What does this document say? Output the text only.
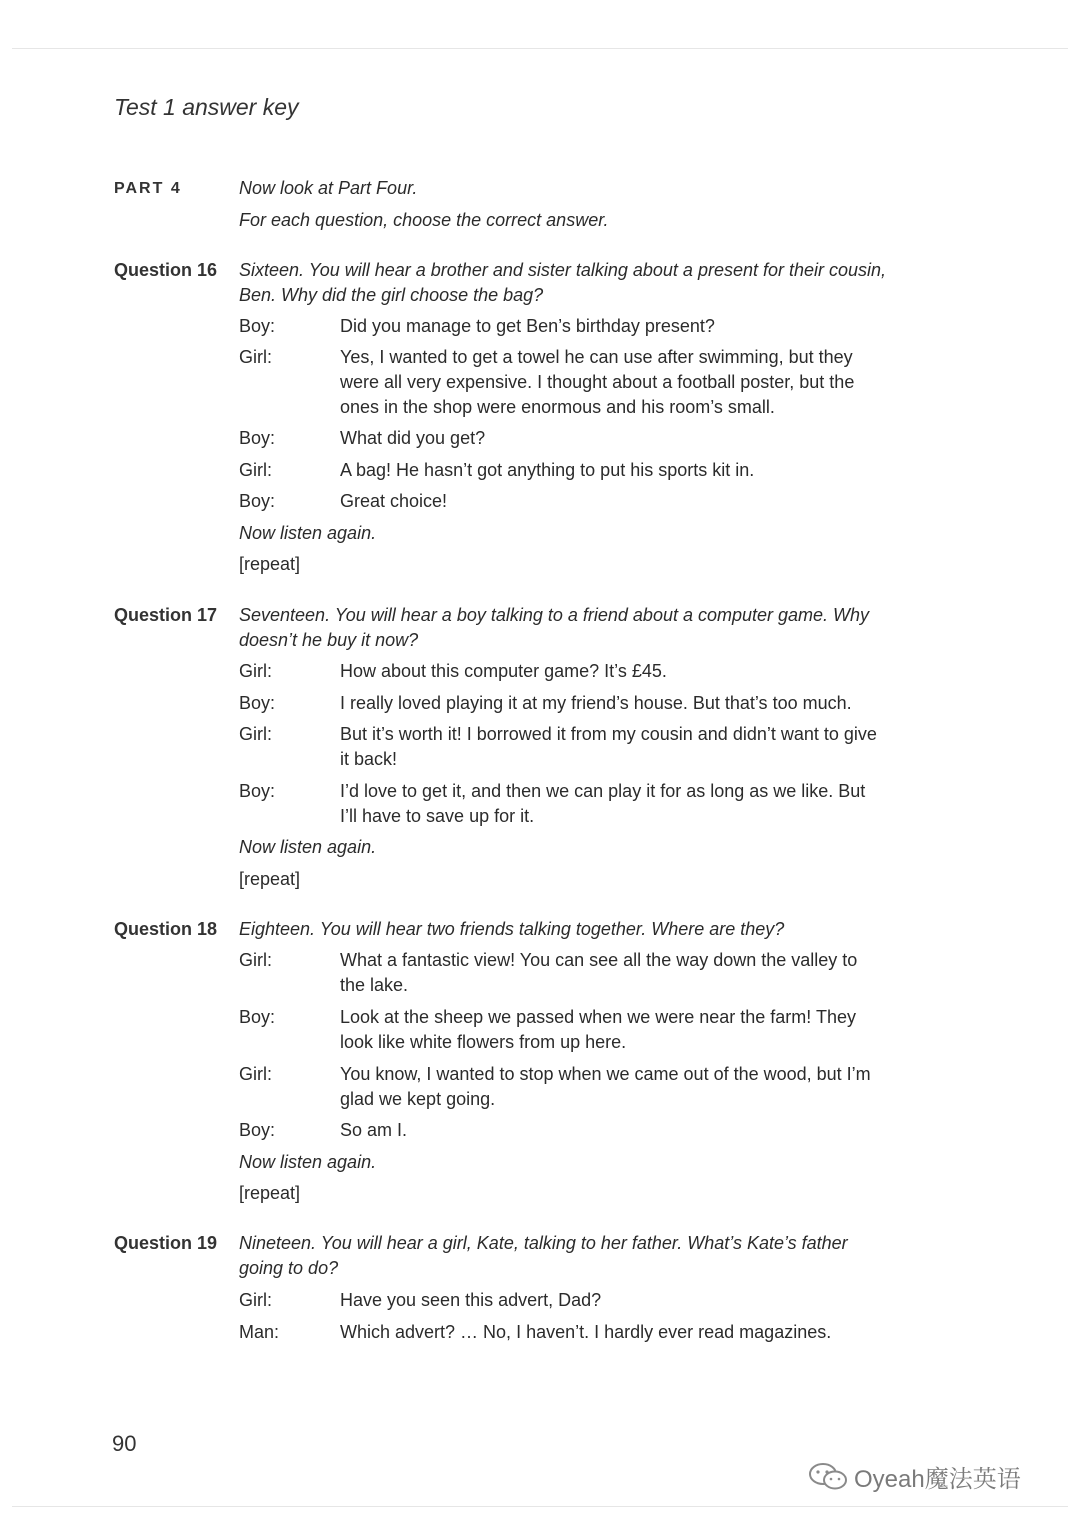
Test 1 answer key
PART 4	Now look at Part Four.
For each question, choose the correct answer.
Question 16 Sixteen. You will hear a brother and sister talking about a present for their cousin,
Ben. Why did the girl choose the bag?
Boy:	Did you manage to get Ben’s birthday present?
Girl:	Yes, I wanted to get a towel he can use after swimming, but they
were all very expensive. I thought about a football poster, but the
ones in the shop were enormous and his room’s small.
Boy:	What did you get?
Girl:	A bag! He hasn’t got anything to put his sports kit in.
Boy:	Great choice!
Now listen again.
[repeat]
Question 17 Seventeen. You will hear a boy talking to a friend about a computer game. Why
doesn’t he buy it now?
Girl:	How about this computer game? It’s £45.
Boy:	I really loved playing it at my friend’s house. But that’s too much.
Girl:	But it’s worth it! I borrowed it from my cousin and didn’t want to give
it back!
Boy:	I’d love to get it, and then we can play it for as long as we like. But
I’ll have to save up for it.
Now listen again.
[repeat]
Question 18 Eighteen. You will hear two friends talking together. Where are they?
Girl:	What a fantastic view! You can see all the way down the valley to
the lake.
Boy:	Look at the sheep we passed when we were near the farm! They
look like white flowers from up here.
Girl:	You know, I wanted to stop when we came out of the wood, but I’m
glad we kept going.
Boy:	So am I.
Now listen again.
[repeat]
Question 19 Nineteen. You will hear a girl, Kate, talking to her father. What’s Kate’s father
going to do?
Girl:	Have you seen this advert, Dad?
Man:	Which advert? … No, I haven’t. I hardly ever read magazines.
90
Oyeah魔法英语
